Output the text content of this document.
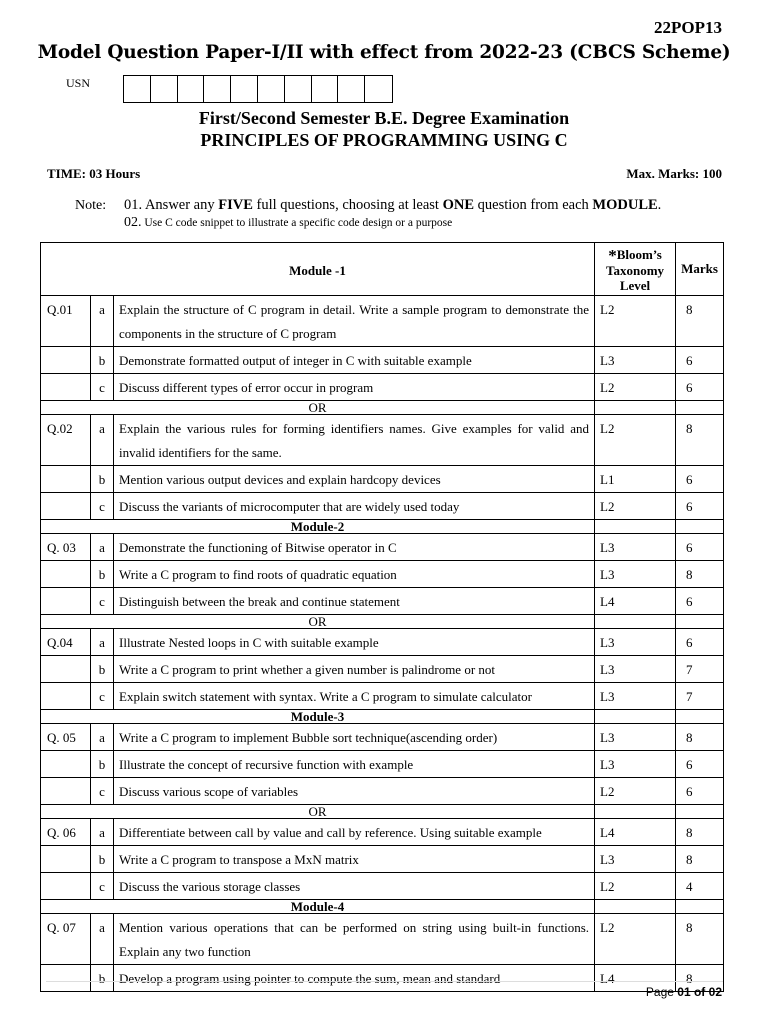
22POP13
Model Question Paper-I/II with effect from 2022-23 (CBCS Scheme)
USN
First/Second Semester B.E. Degree Examination
PRINCIPLES OF PROGRAMMING USING C
TIME: 03 Hours	Max. Marks: 100
Note: 01. Answer any FIVE full questions, choosing at least ONE question from each MODULE.
02. Use C code snippet to illustrate a specific code design or a purpose
Module -1			*Bloom’s
Taxonomy
Level	Marks
Q.01	a	Explain the structure of C program in detail. Write a sample program to demonstrate the components in the structure of C program	L2	8
	b	Demonstrate formatted output of integer in C with suitable example	L3	6
	c	Discuss different types of error occur in program	L2	6
OR				
Q.02	a	Explain the various rules for forming identifiers names. Give examples for valid and invalid identifiers for the same.	L2	8
	b	Mention various output devices and explain hardcopy devices	L1	6
	c	Discuss the variants of microcomputer that are widely used today	L2	6
Module-2				
Q. 03	a	Demonstrate the functioning of Bitwise operator in C	L3	6
	b	Write a C program to find roots of quadratic equation	L3	8
	c	Distinguish between the break and continue statement	L4	6
OR				
Q.04	a	Illustrate Nested loops in C with suitable example	L3	6
	b	Write a C program to print whether a given number is palindrome or not	L3	7
	c	Explain switch statement with syntax. Write a C program to simulate calculator	L3	7
Module-3				
Q. 05	a	Write a C program to implement Bubble sort technique(ascending order)	L3	8
	b	Illustrate the concept of recursive function with example	L3	6
	c	Discuss various scope of variables	L2	6
OR				
Q. 06	a	Differentiate between call by value and call by reference. Using suitable example	L4	8
	b	Write a C program to transpose a MxN matrix	L3	8
	c	Discuss the various storage classes	L2	4
Module-4				
Q. 07	a	Mention various operations that can be performed on string using built-in functions. Explain any two function	L2	8
	b	Develop a program using pointer to compute the sum, mean and standard	L4	8
Page 01 of 02
